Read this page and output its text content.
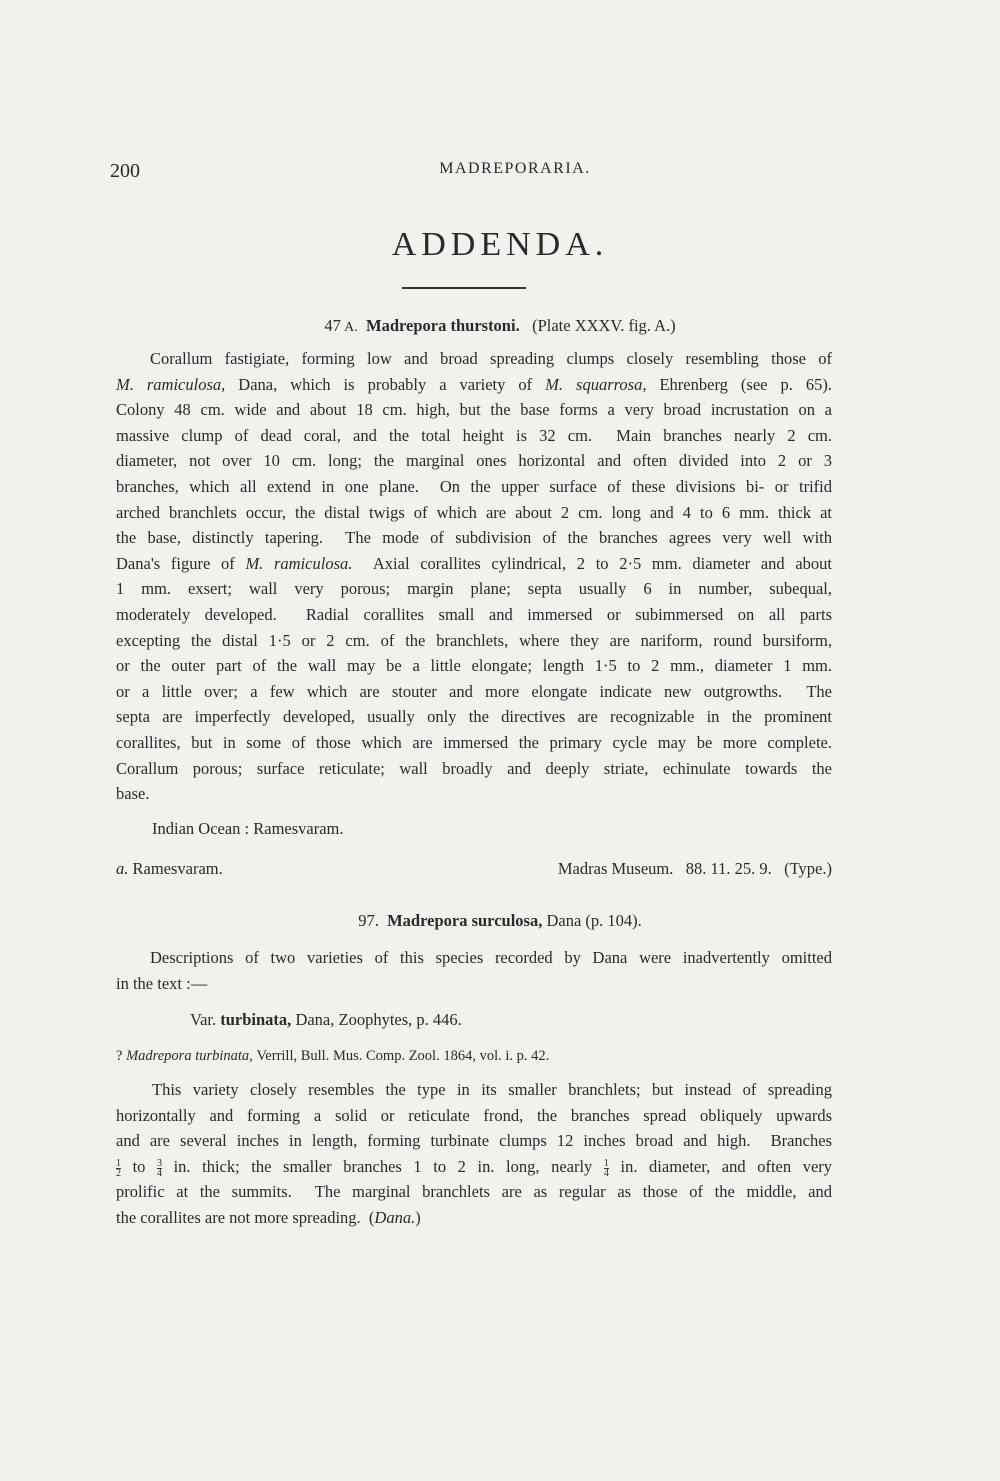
200	MADREPORARIA.
ADDENDA.
47  A. Madrepora thurstoni. (Plate XXXV. fig. A.)
Corallum fastigiate, forming low and broad spreading clumps closely resembling those of
M. ramiculosa, Dana, which is probably a variety of M. squarrosa, Ehrenberg (see p. 65).
Colony 48 cm. wide and about 18 cm. high, but the base forms a very broad incrustation on a
massive clump of dead coral, and the total height is 32 cm.  Main branches nearly 2 cm.
diameter, not over 10 cm. long; the marginal ones horizontal and often divided into 2 or 3
branches, which all extend in one plane.  On the upper surface of these divisions bi- or trifid
arched branchlets occur, the distal twigs of which are about 2 cm. long and 4 to 6 mm. thick at
the base, distinctly tapering.  The mode of subdivision of the branches agrees very well with
Dana's figure of M. ramiculosa.  Axial corallites cylindrical, 2 to 2·5 mm. diameter and about
1 mm. exsert; wall very porous; margin plane; septa usually 6 in number, subequal,
moderately developed.  Radial corallites small and immersed or subimmersed on all parts
excepting the distal 1·5 or 2 cm. of the branchlets, where they are nariform, round bursiform,
or the outer part of the wall may be a little elongate; length 1·5 to 2 mm., diameter 1 mm.
or a little over; a few which are stouter and more elongate indicate new outgrowths.  The
septa are imperfectly developed, usually only the directives are recognizable in the prominent
corallites, but in some of those which are immersed the primary cycle may be more complete.
Corallum porous; surface reticulate; wall broadly and deeply striate, echinulate towards the
base.
Indian Ocean : Ramesvaram.
a. Ramesvaram.	Madras Museum. 88. 11. 25. 9. (Type.)
97. Madrepora surculosa, Dana (p. 104).
Descriptions of two varieties of this species recorded by Dana were inadvertently omitted
in the text :—
Var. turbinata, Dana, Zoophytes, p. 446.
? Madrepora turbinata, Verrill, Bull. Mus. Comp. Zool. 1864, vol. i. p. 42.
This variety closely resembles the type in its smaller branchlets; but instead of spreading
horizontally and forming a solid or reticulate frond, the branches spread obliquely upwards
and are several inches in length, forming turbinate clumps 12 inches broad and high.  Branches
$\frac{1}{2}$ to $\frac{3}{4}$ in. thick; the smaller branches 1 to 2 in. long, nearly $\frac{1}{4}$ in. diameter, and often very
prolific at the summits.  The marginal branchlets are as regular as those of the middle, and
the corallites are not more spreading.  (Dana.)
